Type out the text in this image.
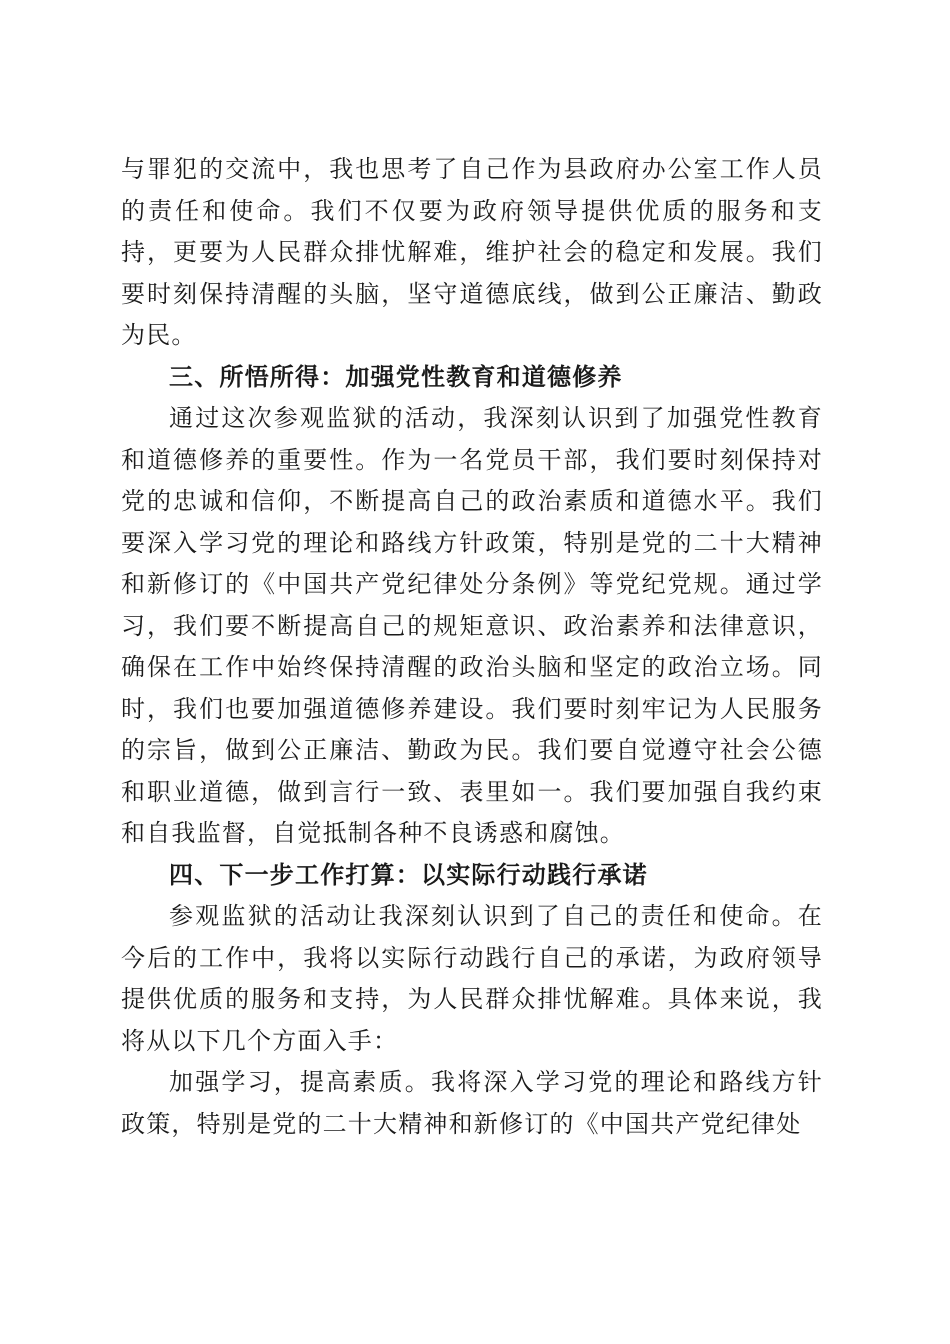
与罪犯的交流中，我也思考了自己作为县政府办公室工作人员的责任和使命。我们不仅要为政府领导提供优质的服务和支持，更要为人民群众排忧解难，维护社会的稳定和发展。我们要时刻保持清醒的头脑，坚守道德底线，做到公正廉洁、勤政为民。

三、所悟所得：加强党性教育和道德修养

通过这次参观监狱的活动，我深刻认识到了加强党性教育和道德修养的重要性。作为一名党员干部，我们要时刻保持对党的忠诚和信仰，不断提高自己的政治素质和道德水平。我们要深入学习党的理论和路线方针政策，特别是党的二十大精神和新修订的《中国共产党纪律处分条例》等党纪党规。通过学习，我们要不断提高自己的规矩意识、政治素养和法律意识，确保在工作中始终保持清醒的政治头脑和坚定的政治立场。同时，我们也要加强道德修养建设。我们要时刻牢记为人民服务的宗旨，做到公正廉洁、勤政为民。我们要自觉遵守社会公德和职业道德，做到言行一致、表里如一。我们要加强自我约束和自我监督，自觉抵制各种不良诱惑和腐蚀。

四、下一步工作打算：以实际行动践行承诺

参观监狱的活动让我深刻认识到了自己的责任和使命。在今后的工作中，我将以实际行动践行自己的承诺，为政府领导提供优质的服务和支持，为人民群众排忧解难。具体来说，我将从以下几个方面入手：

加强学习，提高素质。我将深入学习党的理论和路线方针政策，特别是党的二十大精神和新修订的《中国共产党纪律处
